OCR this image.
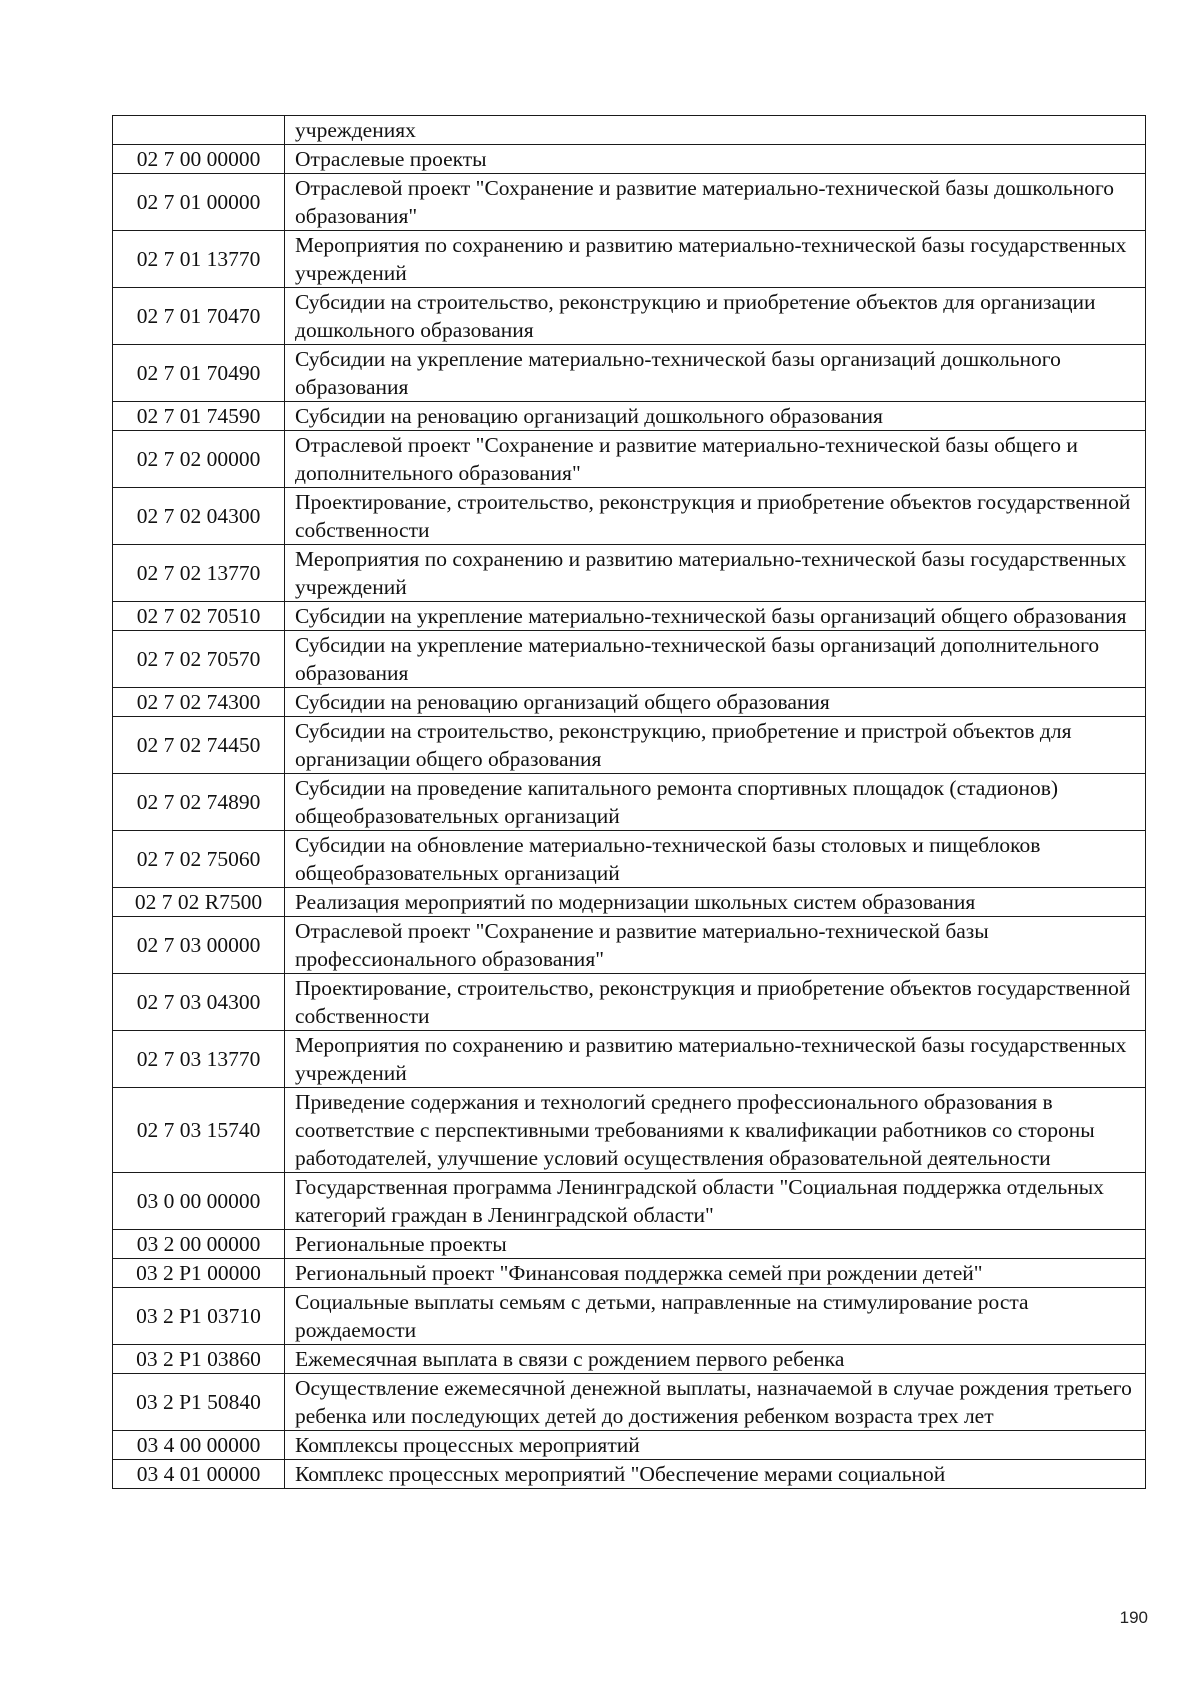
	учреждениях
02 7 00 00000	Отраслевые проекты
02 7 01 00000	Отраслевой проект "Сохранение и развитие материально-технической базы дошкольного образования"
02 7 01 13770	Мероприятия по сохранению и развитию материально-технической базы государственных учреждений
02 7 01 70470	Субсидии на строительство, реконструкцию и приобретение объектов для организации дошкольного образования
02 7 01 70490	Субсидии на укрепление материально-технической базы организаций дошкольного образования
02 7 01 74590	Субсидии на реновацию организаций дошкольного образования
02 7 02 00000	Отраслевой проект "Сохранение и развитие материально-технической базы общего и дополнительного образования"
02 7 02 04300	Проектирование, строительство, реконструкция и приобретение объектов государственной собственности
02 7 02 13770	Мероприятия по сохранению и развитию материально-технической базы государственных учреждений
02 7 02 70510	Субсидии на укрепление материально-технической базы организаций общего образования
02 7 02 70570	Субсидии на укрепление материально-технической базы организаций дополнительного образования
02 7 02 74300	Субсидии на реновацию организаций общего образования
02 7 02 74450	Субсидии на строительство, реконструкцию, приобретение и пристрой объектов для организации общего образования
02 7 02 74890	Субсидии на проведение капитального ремонта спортивных площадок (стадионов) общеобразовательных организаций
02 7 02 75060	Субсидии на обновление материально-технической базы столовых и пищеблоков общеобразовательных организаций
02 7 02 R7500	Реализация мероприятий по модернизации школьных систем образования
02 7 03 00000	Отраслевой проект "Сохранение и развитие материально-технической базы профессионального образования"
02 7 03 04300	Проектирование, строительство, реконструкция и приобретение объектов государственной собственности
02 7 03 13770	Мероприятия по сохранению и развитию материально-технической базы государственных учреждений
02 7 03 15740	Приведение содержания и технологий среднего профессионального образования в соответствие с перспективными требованиями к квалификации работников со стороны работодателей, улучшение условий осуществления образовательной деятельности
03 0 00 00000	Государственная программа Ленинградской области "Социальная поддержка отдельных категорий граждан в Ленинградской области"
03 2 00 00000	Региональные проекты
03 2 P1 00000	Региональный проект "Финансовая поддержка семей при рождении детей"
03 2 P1 03710	Социальные выплаты семьям с детьми, направленные на стимулирование роста рождаемости
03 2 P1 03860	Ежемесячная выплата в связи с рождением первого ребенка
03 2 P1 50840	Осуществление ежемесячной денежной выплаты, назначаемой в случае рождения третьего ребенка или последующих детей до достижения ребенком возраста трех лет
03 4 00 00000	Комплексы процессных мероприятий
03 4 01 00000	Комплекс процессных мероприятий "Обеспечение мерами социальной
190
